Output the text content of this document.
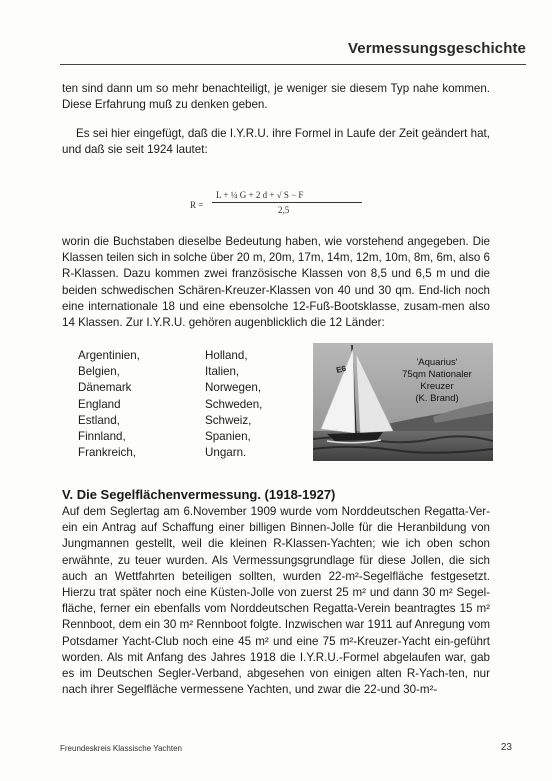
Vermessungsgeschichte
ten sind dann um so mehr benachteiligt, je weniger sie diesem Typ nahe kommen. Diese Erfahrung muß zu denken geben.
Es sei hier eingefügt, daß die I.Y.R.U. ihre Formel in Laufe der Zeit geändert hat, und daß sie seit 1924 lautet:
R =
L + ¼ G + 2 d + √ S − F
2,5
worin die Buchstaben dieselbe Bedeutung haben, wie vorstehend angegeben. Die Klassen teilen sich in solche über 20 m, 20m, 17m, 14m, 12m, 10m, 8m, 6m, also 6 R-Klassen. Dazu kommen zwei französische Klassen von 8,5 und 6,5 m und die beiden schwedischen Schären-Kreuzer-Klassen von 40 und 30 qm. End-lich noch eine internationale 18 und eine ebensolche 12-Fuß-Bootsklasse, zusam-men also 14 Klassen. Zur I.Y.R.U. gehören augenblicklich die 12 Länder:
Argentinien,
Belgien,
Dänemark
England
Estland,
Finnland,
Frankreich,
Holland,
Italien,
Norwegen,
Schweden,
Schweiz,
Spanien,
Ungarn.
E6
'Aquarius'
75qm Nationaler Kreuzer
(K. Brand)
V. Die Segelflächenvermessung. (1918-1927)
Auf dem Seglertag am 6.November 1909 wurde vom Norddeutschen Regatta-Ver-ein ein Antrag auf Schaffung einer billigen Binnen-Jolle für die Heranbildung von Jungmannen gestellt, weil die kleinen R-Klassen-Yachten; wie ich oben schon erwähnte, zu teuer wurden. Als Vermessungsgrundlage für diese Jollen, die sich auch an Wettfahrten beteiligen sollten, wurden 22-m²-Segelfläche festgesetzt. Hierzu trat später noch eine Küsten-Jolle von zuerst 25 m² und dann 30 m² Segel-fläche, ferner ein ebenfalls vom Norddeutschen Regatta-Verein beantragtes 15 m² Rennboot, dem ein 30 m² Rennboot folgte. Inzwischen war 1911 auf Anregung vom Potsdamer Yacht-Club noch eine 45 m² und eine 75 m²-Kreuzer-Yacht ein-geführt worden. Als mit Anfang des Jahres 1918 die I.Y.R.U.-Formel abgelaufen war, gab es im Deutschen Segler-Verband, abgesehen von einigen alten R-Yach-ten, nur nach ihrer Segelfläche vermessene Yachten, und zwar die 22-und 30-m²-
Freundeskreis Klassische Yachten	23
